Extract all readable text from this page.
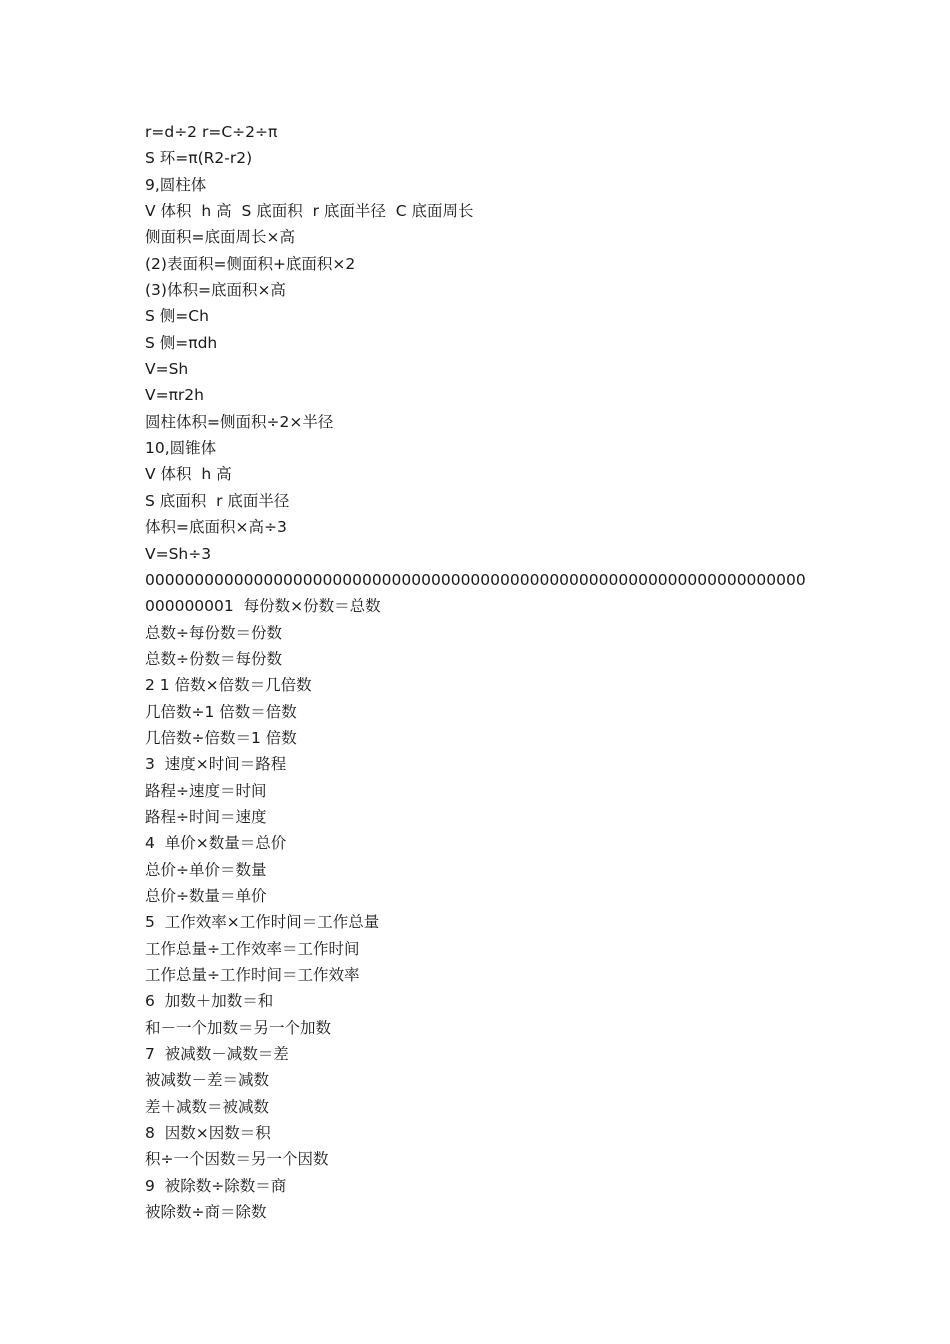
r=d÷2 r=C÷2÷π
S 环=π(R2-r2)
9,圆柱体
V 体积  h 高  S 底面积  r 底面半径  C 底面周长
侧面积=底面周长×高
(2)表面积=侧面积+底面积×2
(3)体积=底面积×高
S 侧=Ch
S 侧=πdh
V=Sh
V=πr2h
圆柱体积=侧面积÷2×半径
10,圆锥体
V 体积  h 高
S 底面积  r 底面半径
体积=底面积×高÷3
V=Sh÷3
0000000000000000000000000000000000000000000000000000000000000000000
000000001  每份数×份数＝总数
总数÷每份数＝份数
总数÷份数＝每份数
2 1 倍数×倍数＝几倍数
几倍数÷1 倍数＝倍数
几倍数÷倍数＝1 倍数
3  速度×时间＝路程
路程÷速度＝时间
路程÷时间＝速度
4  单价×数量＝总价
总价÷单价＝数量
总价÷数量＝单价
5  工作效率×工作时间＝工作总量
工作总量÷工作效率＝工作时间
工作总量÷工作时间＝工作效率
6  加数＋加数＝和
和－一个加数＝另一个加数
7  被减数－减数＝差
被减数－差＝减数
差＋减数＝被减数
8  因数×因数＝积
积÷一个因数＝另一个因数
9  被除数÷除数＝商
被除数÷商＝除数
